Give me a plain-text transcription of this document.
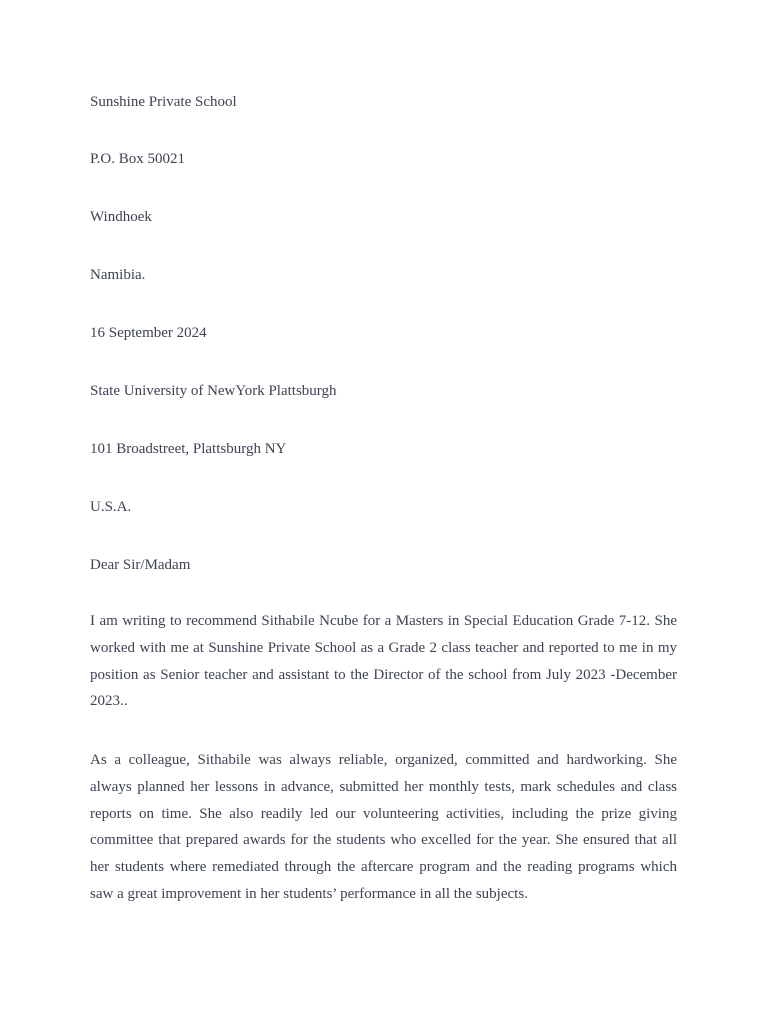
Sunshine Private School
P.O. Box 50021
Windhoek
Namibia.
16 September 2024
State University of NewYork Plattsburgh
101 Broadstreet, Plattsburgh NY
U.S.A.
Dear Sir/Madam

I am writing to recommend Sithabile Ncube for a Masters in Special Education Grade 7-12. She worked with me at Sunshine Private School as a Grade 2 class teacher and reported to me in my position as Senior teacher and assistant to the Director of the school from July 2023 -December 2023..

As a colleague, Sithabile was always reliable, organized, committed and hardworking. She always planned her lessons in advance, submitted her monthly tests, mark schedules and class reports on time. She also readily led our volunteering activities, including the prize giving committee that prepared awards for the students who excelled for the year. She ensured that all her students where remediated through the aftercare program and the reading programs which saw a great improvement in her students’ performance in all the subjects.
